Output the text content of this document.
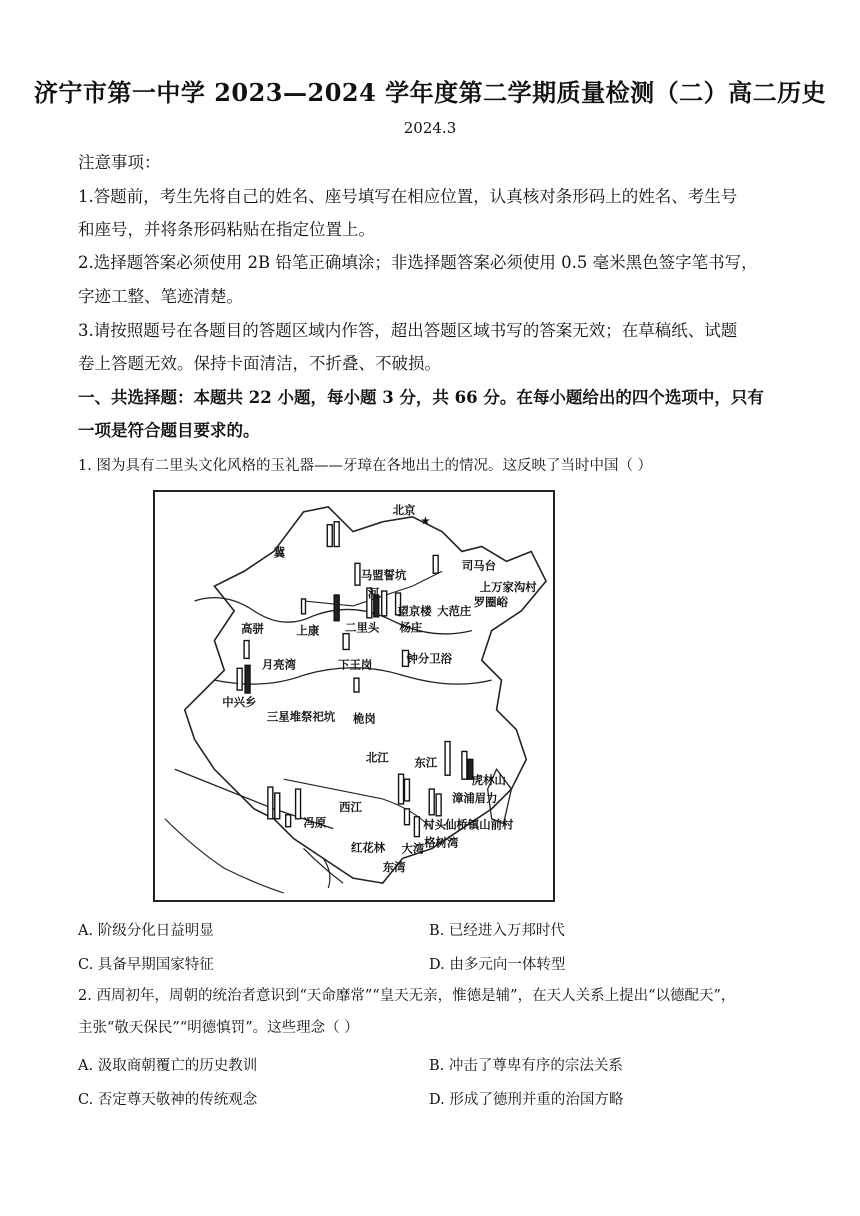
济宁市第一中学 2023—2024 学年度第二学期质量检测（二）高二历史
2024.3
注意事项：
1.答题前，考生先将自己的姓名、座号填写在相应位置，认真核对条形码上的姓名、考生号
和座号，并将条形码粘贴在指定位置上。
2.选择题答案必须使用 2B 铅笔正确填涂；非选择题答案必须使用 0.5 毫米黑色签字笔书写，
字迹工整、笔迹清楚。
3.请按照题号在各题目的答题区域内作答，超出答题区域书写的答案无效；在草稿纸、试题
卷上答题无效。保持卡面清洁，不折叠、不破损。
一、共选择题：本题共 22 小题，每小题 3 分，共 66 分。在每小题给出的四个选项中，只有
一项是符合题目要求的。
1. 图为具有二里头文化风格的玉礼器——牙璋在各地出土的情况。这反映了当时中国（ ）
★
北京
冀
司马台
马盟誓坑
河	上万家沟村
罗圈峪
高骈	上康 二里头
望京楼 大范庄
杨庄
月亮湾	下王岗	钟分卫浴
中兴乡
三星堆祭祀坑 桅岗
北江 东江
虎林山
漳浦眉力
西江
村头 仙桥镇山前村
冯原
红花林 大湾 格树湾
东湾
A. 阶级分化日益明显	B. 已经进入万邦时代
C. 具备早期国家特征	D. 由多元向一体转型
2. 西周初年，周朝的统治者意识到“天命靡常”“皇天无亲，惟德是辅”，在天人关系上提出“以德配天”，
主张“敬天保民”“明德慎罚”。这些理念（ ）
A. 汲取商朝覆亡的历史教训	B. 冲击了尊卑有序的宗法关系
C. 否定尊天敬神的传统观念	D. 形成了德刑并重的治国方略
